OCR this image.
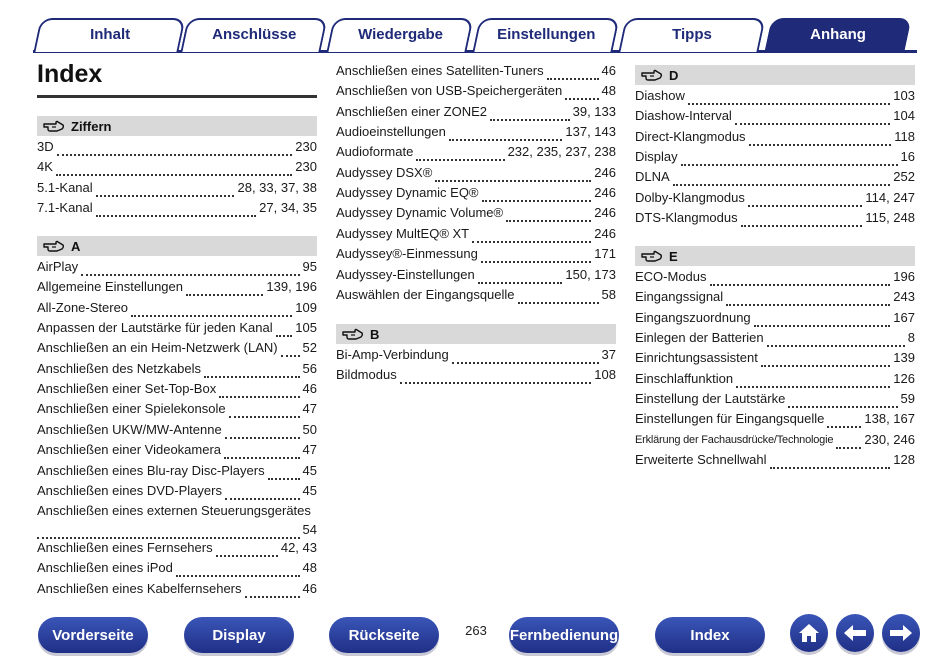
Inhalt	Anschlüsse	Wiedergabe	Einstellungen	Tipps	Anhang
Index
Ziffern
3D	230
4K	230
5.1-Kanal	28, 33, 37, 38
7.1-Kanal	27, 34, 35
A
AirPlay	95
Allgemeine Einstellungen	139, 196
All-Zone-Stereo	109
Anpassen der Lautstärke für jeden Kanal 105
Anschließen an ein Heim-Netzwerk (LAN) 52
Anschließen des Netzkabels	56
Anschließen einer Set-Top-Box	46
Anschließen einer Spielekonsole	47
Anschließen UKW/MW-Antenne	50
Anschließen einer Videokamera	47
Anschließen eines Blu-ray Disc-Players	45
Anschließen eines DVD-Players	45
Anschließen eines externen Steuerungsgerätes
54
Anschließen eines Fernsehers	42, 43
Anschließen eines iPod	48
Anschließen eines Kabelfernsehers	46
Anschließen eines Satelliten-Tuners	46
Anschließen von USB-Speichergeräten	48
Anschließen einer ZONE2	39, 133
Audioeinstellungen	137, 143
Audioformate	232, 235, 237, 238
Audyssey DSX®	246
Audyssey Dynamic EQ®	246
Audyssey Dynamic Volume®	246
Audyssey MultEQ® XT	246
Audyssey®-Einmessung	171
Audyssey-Einstellungen	150, 173
Auswählen der Eingangsquelle	58
B
Bi-Amp-Verbindung	37
Bildmodus	108
D
Diashow	103
Diashow-Interval	104
Direct-Klangmodus	118
Display	16
DLNA	252
Dolby-Klangmodus	114, 247
DTS-Klangmodus	115, 248
E
ECO-Modus	196
Eingangssignal	243
Eingangszuordnung	167
Einlegen der Batterien	8
Einrichtungsassistent	139
Einschlaffunktion	126
Einstellung der Lautstärke	59
Einstellungen für Eingangsquelle	138, 167
Erklärung der Fachausdrücke/Technologie 230, 246
Erweiterte Schnellwahl	128
Vorderseite	Display	Rückseite	263	Fernbedienung	Index
